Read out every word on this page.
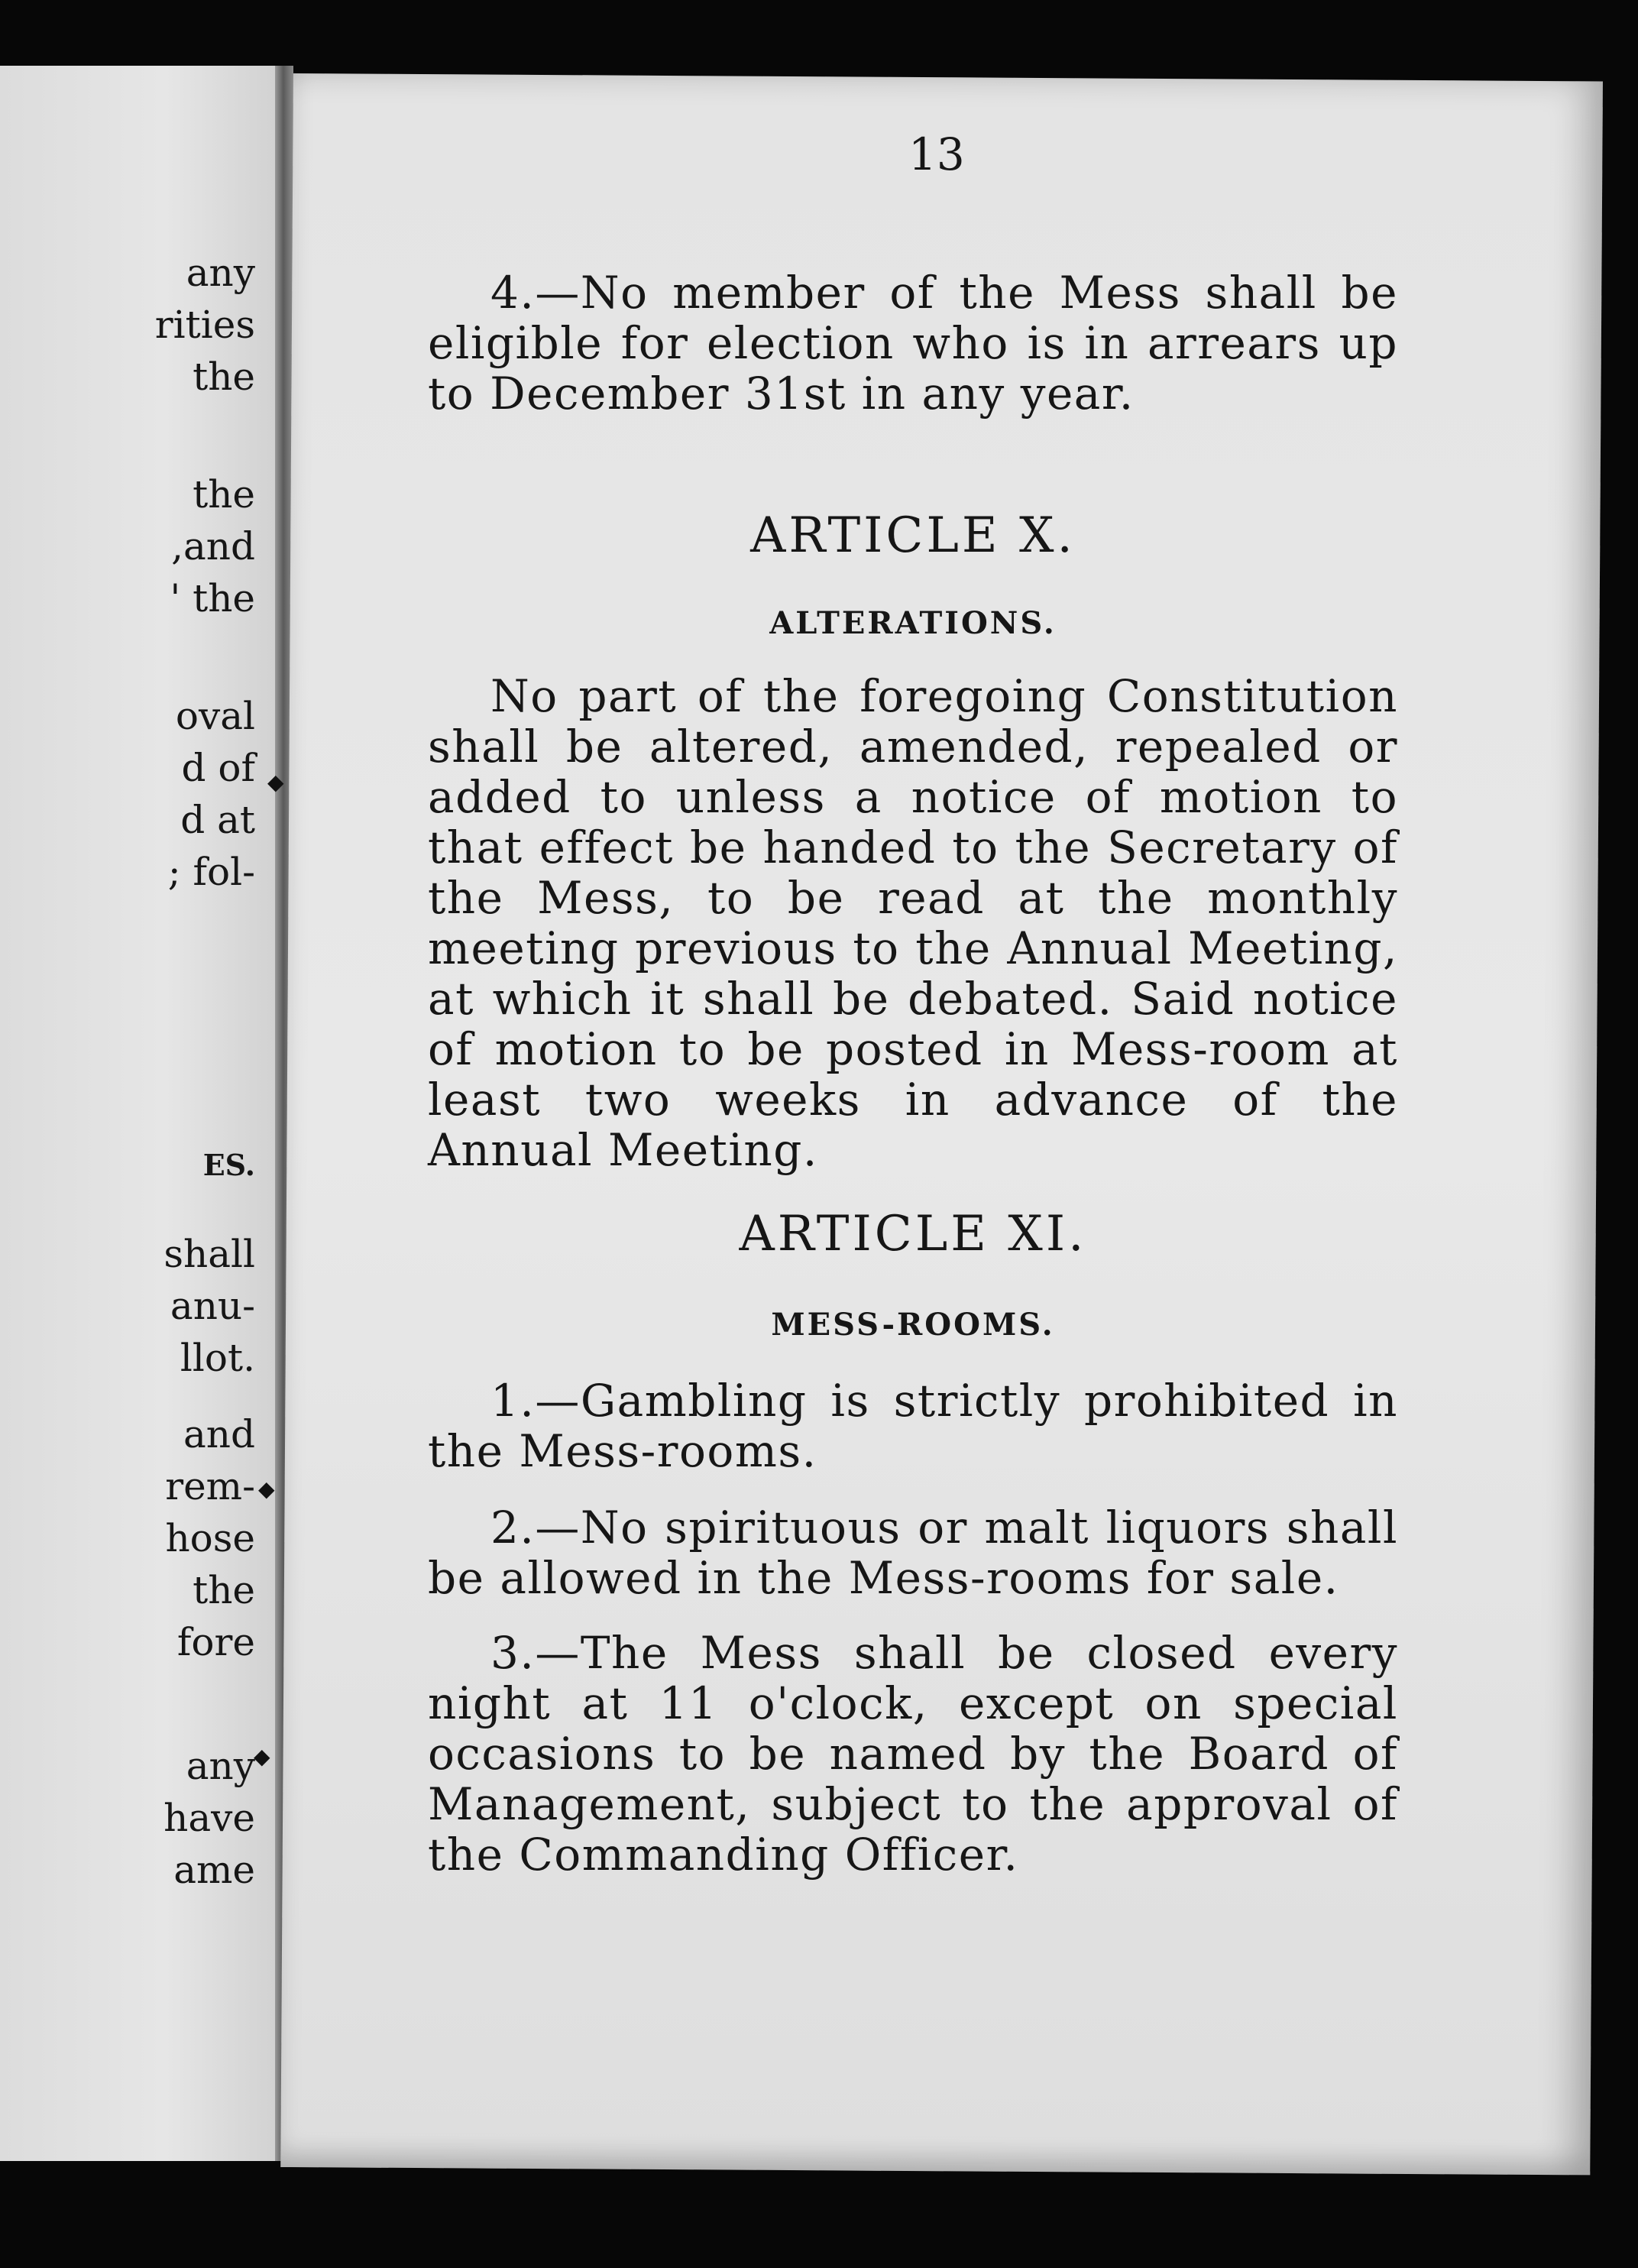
any
rities
the
the
,and
' the
oval
d of
d at
; fol-
ES.
shall
anu-
llot.
and
rem-
hose
the
fore
any
have
ame
◆
◆
◆
13

4.—No member of the Mess shall be eligible for election who is in arrears up to December 31st in any year.

ARTICLE X.
ALTERATIONS.

No part of the foregoing Constitution shall be altered, amended, repealed or added to unless a notice of motion to that effect be handed to the Secretary of the Mess, to be read at the monthly meeting previous to the Annual Meeting, at which it shall be debated. Said notice of motion to be posted in Mess-room at least two weeks in advance of the Annual Meeting.

ARTICLE XI.
MESS-ROOMS.

1.—Gambling is strictly prohibited in the Mess-rooms.

2.—No spirituous or malt liquors shall be allowed in the Mess-rooms for sale.

3.—The Mess shall be closed every night at 11 o'clock, except on special occasions to be named by the Board of Management, subject to the approval of the Commanding Officer.
